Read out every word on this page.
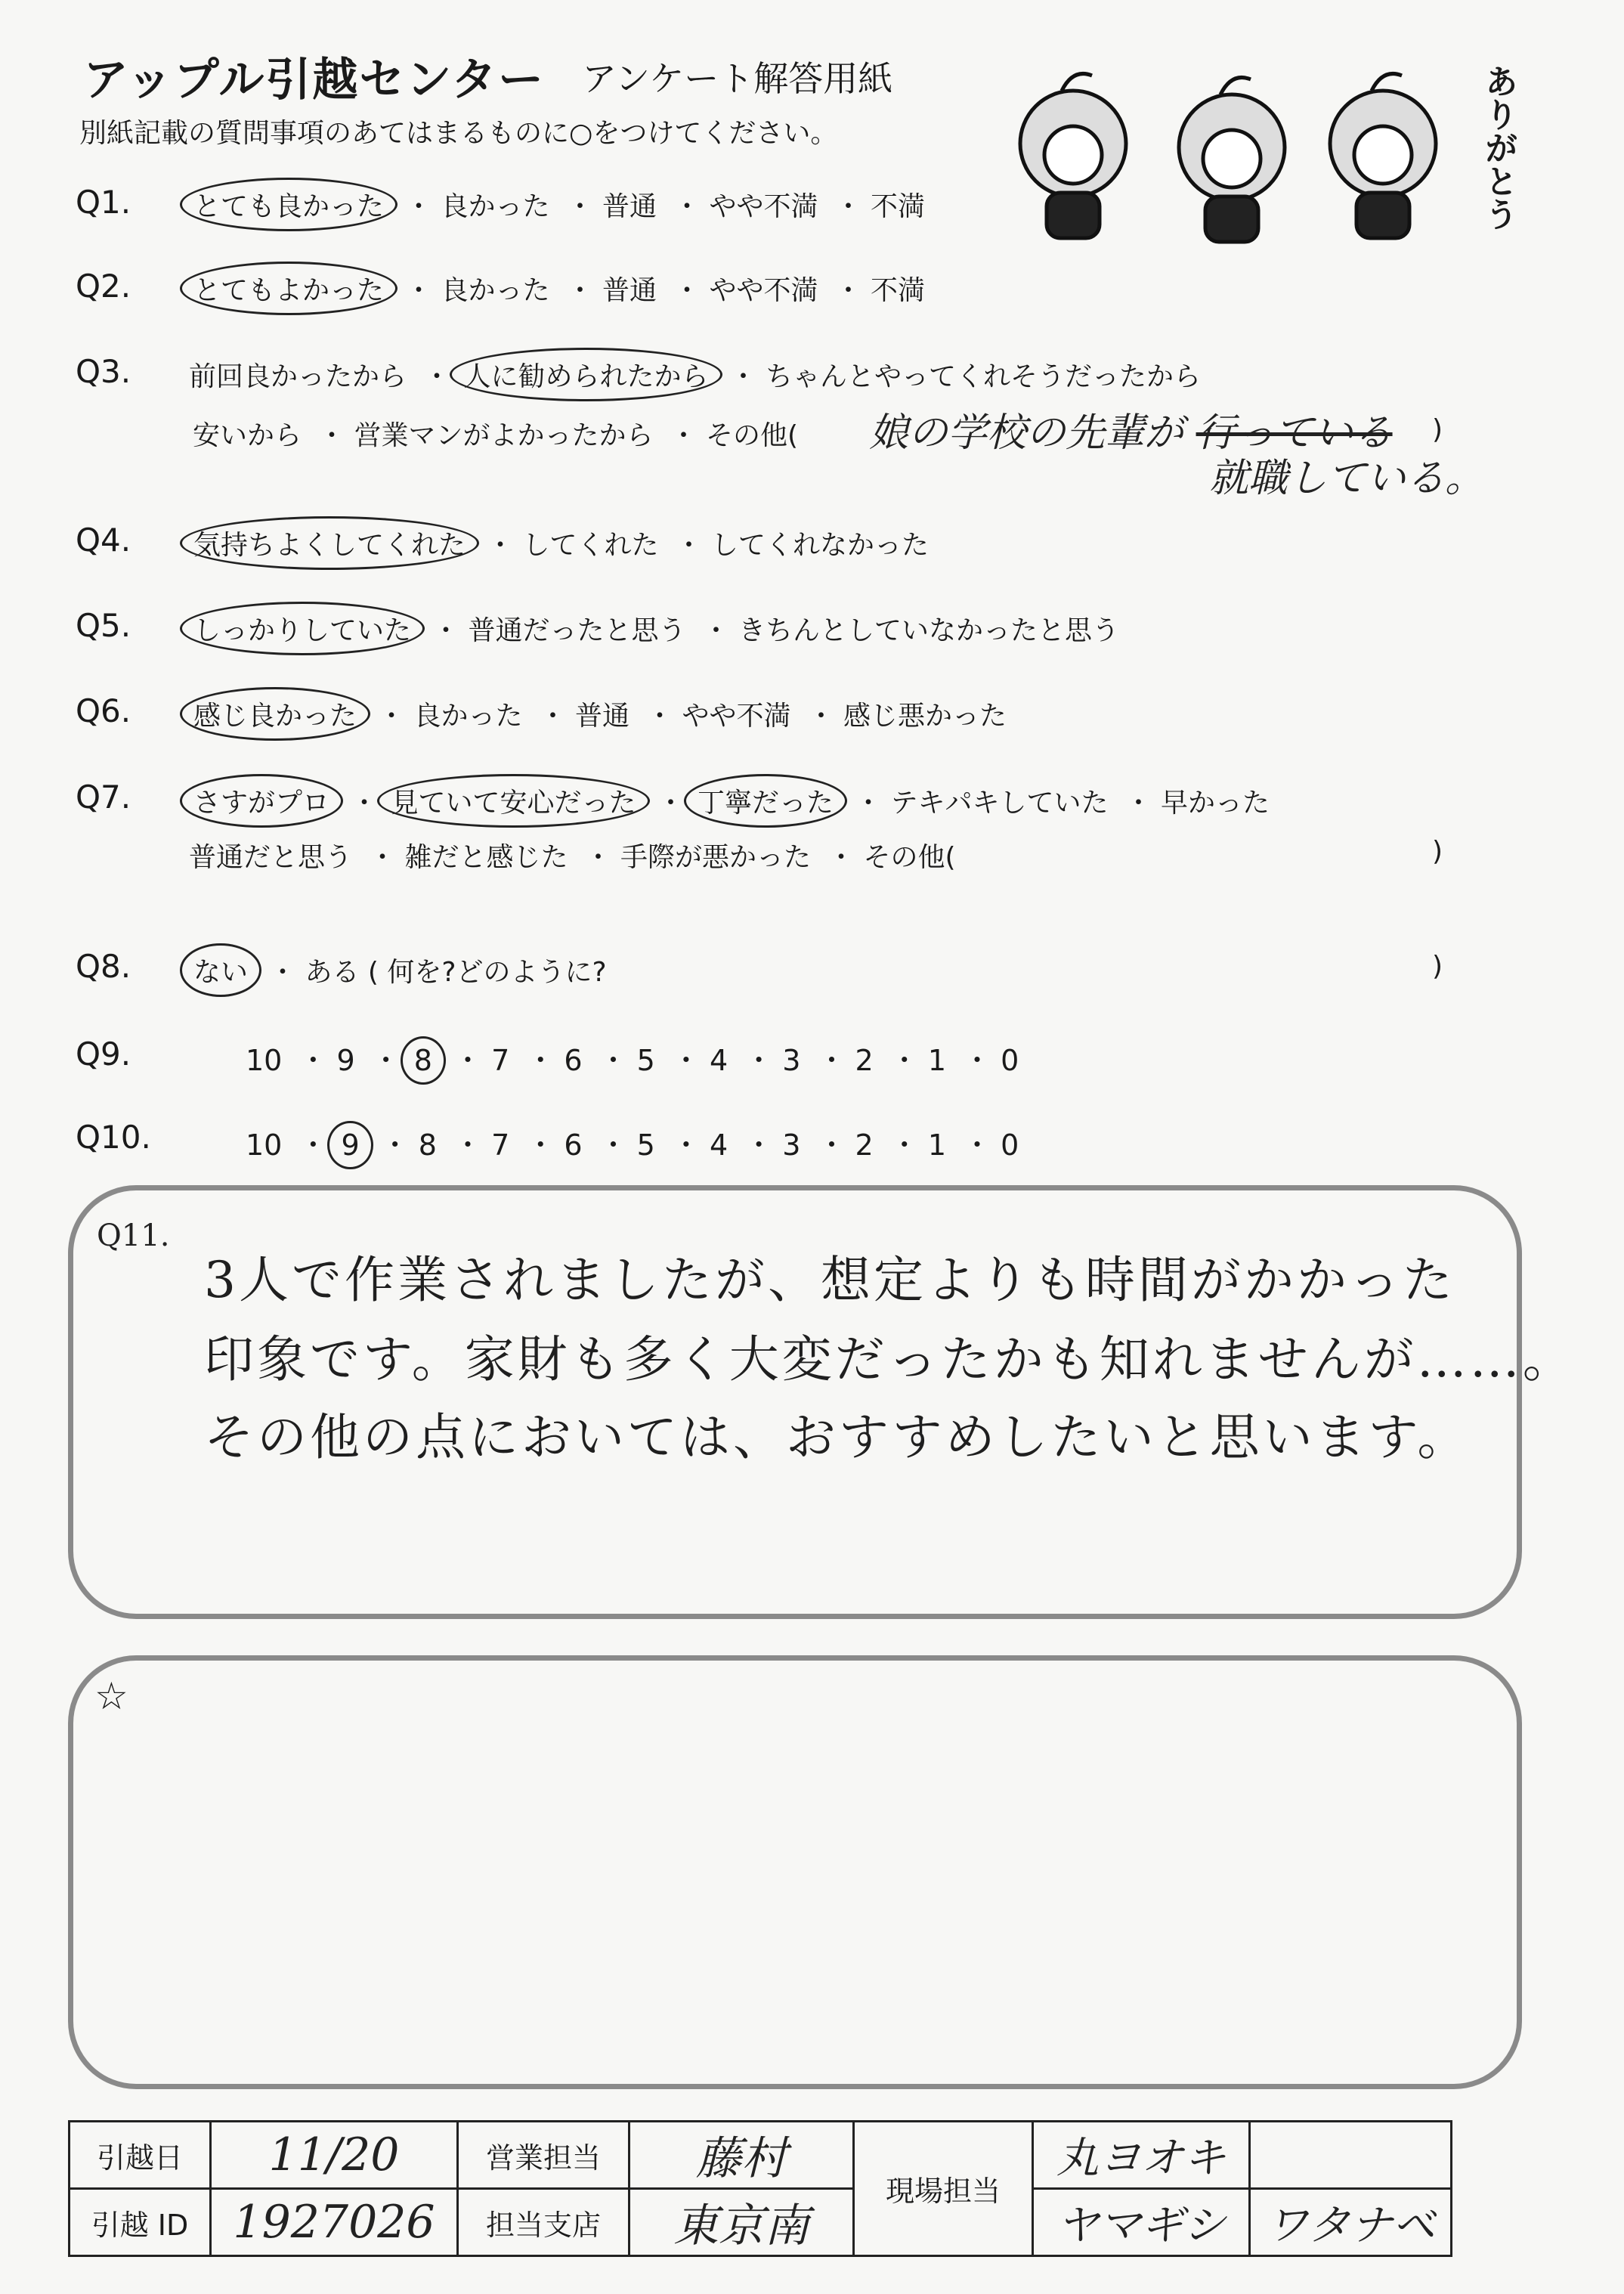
アップル引越センター アンケート解答用紙
別紙記載の質問事項のあてはまるものに○をつけてください。	ありがとう
Q1. とても良かった ・ 良かった ・ 普通 ・ やや不満 ・ 不満
Q2. とてもよかった ・ 良かった ・ 普通 ・ やや不満 ・ 不満
Q3. 前回良かったから ・ 人に勧められたから ・ ちゃんとやってくれそうだったから
安いから ・ 営業マンがよかったから ・ その他( 娘の学校の先輩が 行っている )
就職している。
Q4. 気持ちよくしてくれた ・ してくれた ・ してくれなかった
Q5. しっかりしていた ・ 普通だったと思う ・ きちんとしていなかったと思う
Q6. 感じ良かった ・ 良かった ・ 普通 ・ やや不満 ・ 感じ悪かった
Q7. さすがプロ ・ 見ていて安心だった ・ 丁寧だった ・ テキパキしていた ・ 早かった
普通だと思う ・ 雑だと感じた ・ 手際が悪かった ・ その他(	)
Q8. ない ・ ある ( 何を?どのように?	)
Q9.	10 ・ 9 ・ 8 ・ 7 ・ 6 ・ 5 ・ 4 ・ 3 ・ 2 ・ 1 ・ 0
Q10.	10 ・ 9 ・ 8 ・ 7 ・ 6 ・ 5 ・ 4 ・ 3 ・ 2 ・ 1 ・ 0
Q11.
3人で作業されましたが、想定よりも時間がかかった
印象です。家財も多く大変だったかも知れませんが……。
その他の点においては、おすすめしたいと思います。
☆
引越日	11/20	営業担当	藤村	現場担当	丸ヨオキ	
引越 ID	1927026	担当支店	東京南		ヤマギシ	ワタナベ
